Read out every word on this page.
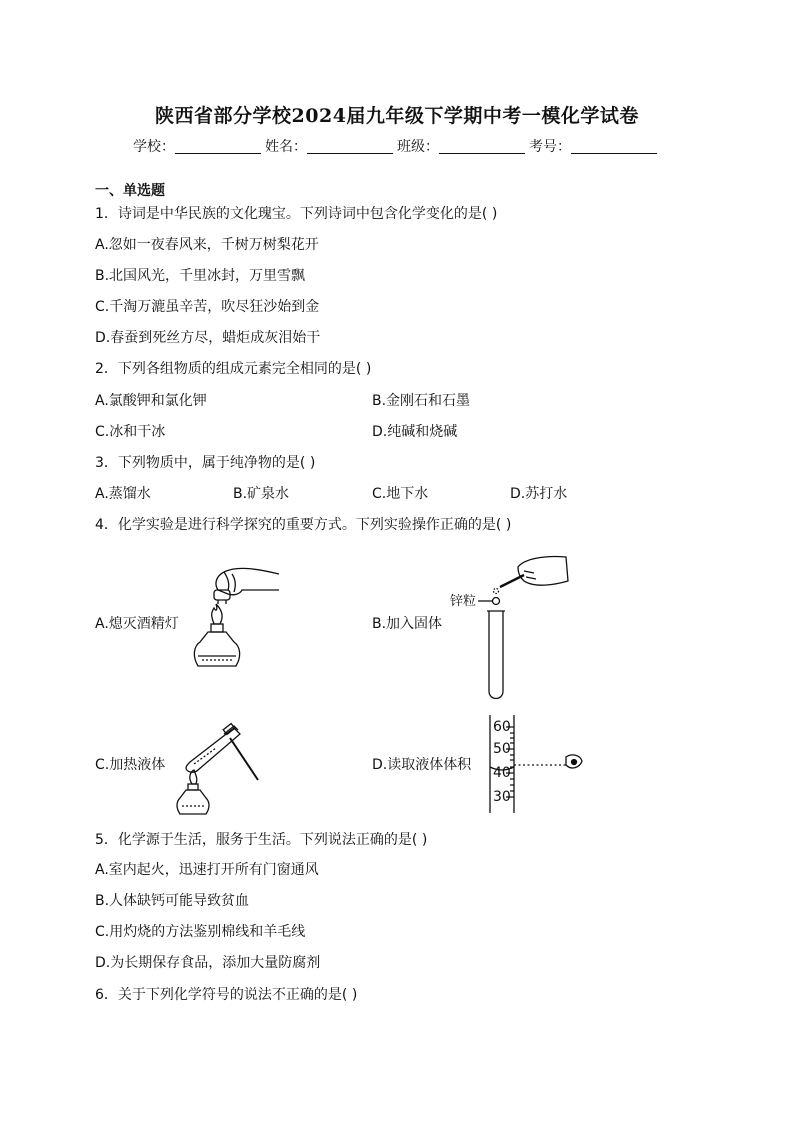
陕西省部分学校2024届九年级下学期中考一模化学试卷
学校：	姓名：	班级：	考号：
一、单选题
1．诗词是中华民族的文化瑰宝。下列诗词中包含化学变化的是( )
A.忽如一夜春风来，千树万树梨花开
B.北国风光，千里冰封，万里雪飘
C.千淘万漉虽辛苦，吹尽狂沙始到金
D.春蚕到死丝方尽，蜡炬成灰泪始干
2．下列各组物质的组成元素完全相同的是( )
A.氯酸钾和氯化钾	B.金刚石和石墨
C.冰和干冰	D.纯碱和烧碱
3．下列物质中，属于纯净物的是( )
A.蒸馏水	B.矿泉水	C.地下水	D.苏打水
4．化学实验是进行科学探究的重要方式。下列实验操作正确的是( )
A.熄灭酒精灯	B.加入固体
C.加热液体	D.读取液体体积
锌粒
60
50
40
30
5．化学源于生活，服务于生活。下列说法正确的是( )
A.室内起火，迅速打开所有门窗通风
B.人体缺钙可能导致贫血
C.用灼烧的方法鉴别棉线和羊毛线
D.为长期保存食品，添加大量防腐剂
6．关于下列化学符号的说法不正确的是( )
